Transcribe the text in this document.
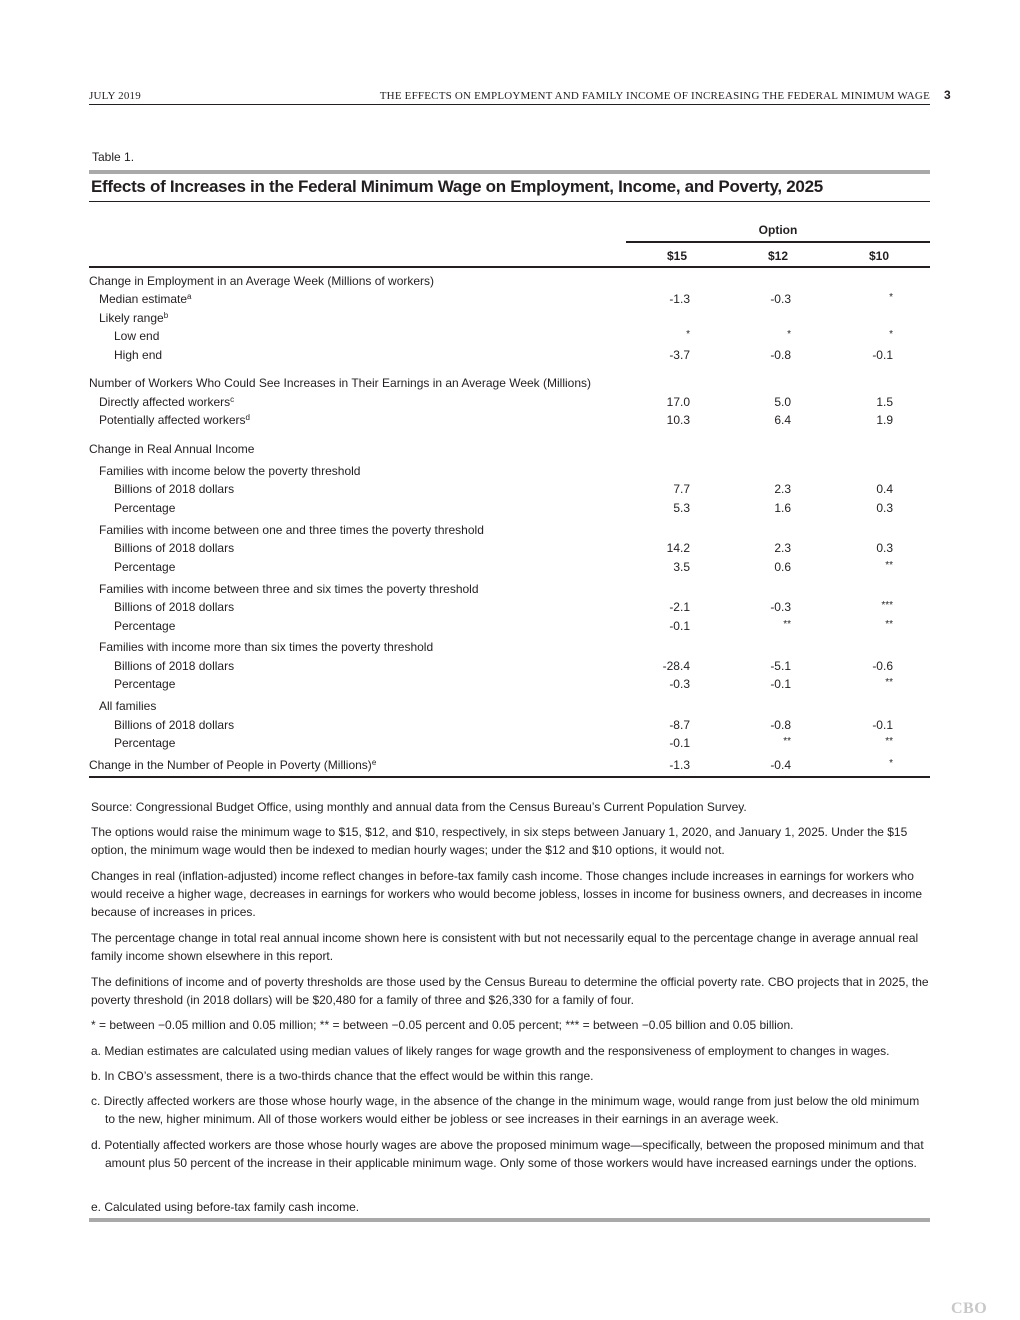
JULY 2019	THE EFFECTS ON EMPLOYMENT AND FAMILY INCOME OF INCREASING THE FEDERAL MINIMUM WAGE 3
Table 1.
Effects of Increases in the Federal Minimum Wage on Employment, Income, and Poverty, 2025
Option
$15	$12	$10
Change in Employment in an Average Week (Millions of workers)
Median estimate$^a$	-1.3	-0.3	*
Likely range$^b$
Low end	*	*	*
High end	-3.7	-0.8	-0.1
Number of Workers Who Could See Increases in Their Earnings in an Average Week (Millions)
Directly affected workers$^c$	17.0	5.0	1.5
Potentially affected workers$^d$	10.3	6.4	1.9
Change in Real Annual Income
Families with income below the poverty threshold
Billions of 2018 dollars	7.7	2.3	0.4
Percentage	5.3	1.6	0.3
Families with income between one and three times the poverty threshold
Billions of 2018 dollars	14.2	2.3	0.3
Percentage	3.5	0.6	**
Families with income between three and six times the poverty threshold
Billions of 2018 dollars	-2.1	-0.3	***
Percentage	-0.1	**	**
Families with income more than six times the poverty threshold
Billions of 2018 dollars	-28.4	-5.1	-0.6
Percentage	-0.3	-0.1	**
All families
Billions of 2018 dollars	-8.7	-0.8	-0.1
Percentage	-0.1	**	**
Change in the Number of People in Poverty (Millions)$^e$	-1.3	-0.4	*

Source: Congressional Budget Office, using monthly and annual data from the Census Bureau’s Current Population Survey.

The options would raise the minimum wage to $15, $12, and $10, respectively, in six steps between January 1, 2020, and January 1, 2025. Under the $15 option, the minimum wage would then be indexed to median hourly wages; under the $12 and $10 options, it would not.

Changes in real (inflation-adjusted) income reflect changes in before-tax family cash income. Those changes include increases in earnings for workers who would receive a higher wage, decreases in earnings for workers who would become jobless, losses in income for business owners, and decreases in income because of increases in prices.

The percentage change in total real annual income shown here is consistent with but not necessarily equal to the percentage change in average annual real family income shown elsewhere in this report.

The definitions of income and of poverty thresholds are those used by the Census Bureau to determine the official poverty rate. CBO projects that in 2025, the poverty threshold (in 2018 dollars) will be $20,480 for a family of three and $26,330 for a family of four.

* = between −0.05 million and 0.05 million; ** = between −0.05 percent and 0.05 percent; *** = between −0.05 billion and 0.05 billion.

a. Median estimates are calculated using median values of likely ranges for wage growth and the responsiveness of employment to changes in wages.

b. In CBO’s assessment, there is a two-thirds chance that the effect would be within this range.

c. Directly affected workers are those whose hourly wage, in the absence of the change in the minimum wage, would range from just below the old minimum to the new, higher minimum. All of those workers would either be jobless or see increases in their earnings in an average week.

d. Potentially affected workers are those whose hourly wages are above the proposed minimum wage—specifically, between the proposed minimum and that amount plus 50 percent of the increase in their applicable minimum wage. Only some of those workers would have increased earnings under the options.

e. Calculated using before-tax family cash income.

CBO
